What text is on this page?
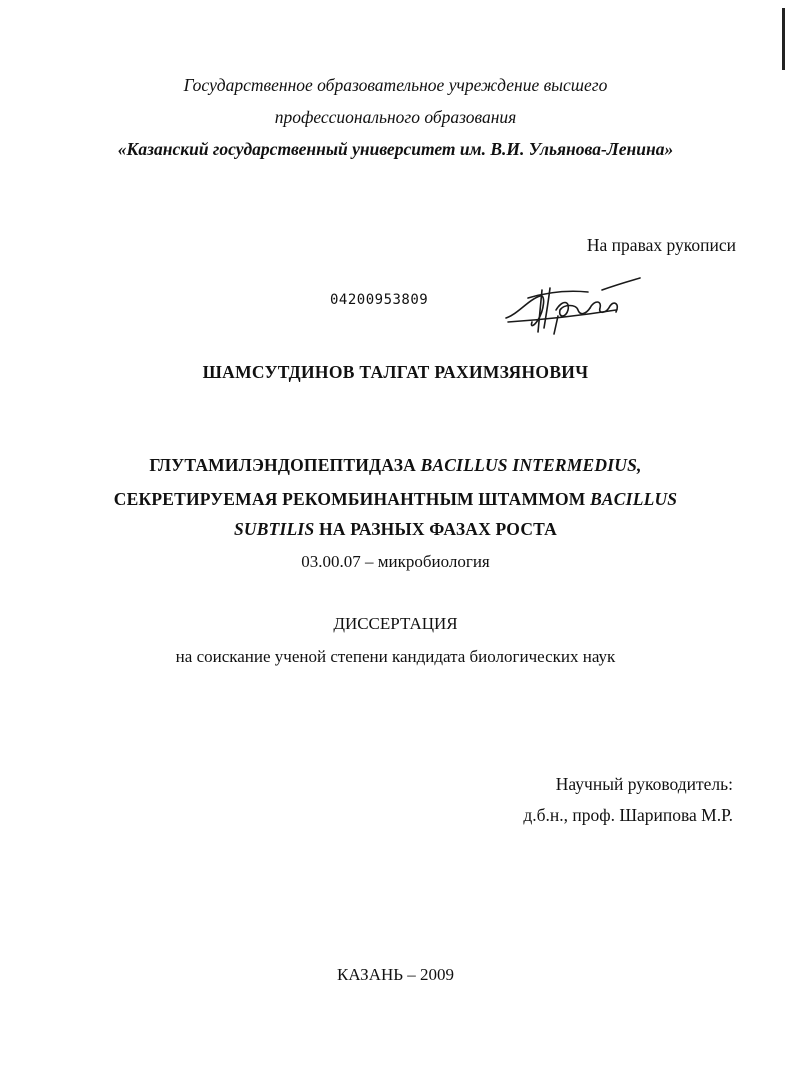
Государственное образовательное учреждение высшего
профессионального образования
«Казанский государственный университет им. В.И. Ульянова-Ленина»
На правах рукописи
04200953809
ШАМСУТДИНОВ ТАЛГАТ РАХИМЗЯНОВИЧ
ГЛУТАМИЛЭНДОПЕПТИДАЗА BACILLUS INTERMEDIUS,
СЕКРЕТИРУЕМАЯ РЕКОМБИНАНТНЫМ ШТАММОМ BACILLUS
SUBTILIS НА РАЗНЫХ ФАЗАХ РОСТА
03.00.07 – микробиология
ДИССЕРТАЦИЯ
на соискание ученой степени кандидата биологических наук
Научный руководитель:
д.б.н., проф. Шарипова М.Р.
КАЗАНЬ – 2009
